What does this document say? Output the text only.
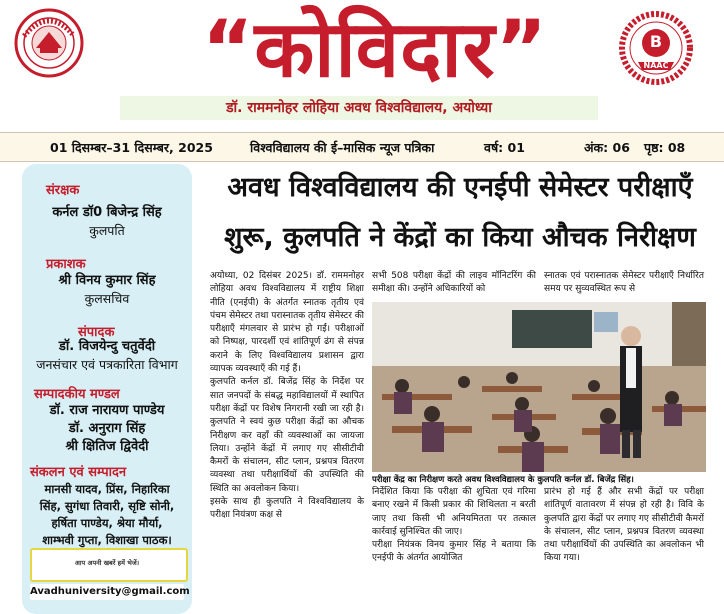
“कोविदार”	B
NAAC
डॉ. राममनोहर लोहिया अवध विश्वविद्यालय, अयोध्या
01 दिसम्बर–31 दिसम्बर, 2025	विश्वविद्यालय की ई–मासिक न्यूज पत्रिका	वर्ष: 01	अंक: 06 पृष्ठ: 08
संरक्षक
कर्नल डॉ0 बिजेन्द्र सिंह
कुलपति
प्रकाशक
श्री विनय कुमार सिंह
कुलसचिव
संपादक
डॉ. विजयेन्दु चतुर्वेदी
जनसंचार एवं पत्रकारिता विभाग
सम्पादकीय मण्डल
डॉ. राज नारायण पाण्डेय
डॉ. अनुराग सिंह
श्री क्षितिज द्विवेदी
संकलन एवं सम्पादन
मानसी यादव, प्रिंस, निहारिका
सिंह, सुगंधा तिवारी, सृष्टि सोनी,
हर्षिता पाण्डेय, श्रेया मौर्या,
शाम्भवी गुप्ता, विशाखा पाठक।
आप अपनी खबरें हमें भेजें।
Avadhuniversity@gmail.com
अवध विश्वविद्यालय की एनईपी सेमेस्टर परीक्षाएँ
शुरू, कुलपति ने केंद्रों का किया औचक निरीक्षण
अयोध्या, 02 दिसंबर 2025। डॉ. राममनोहर लोहिया अवध विश्वविद्यालय में राष्ट्रीय शिक्षा नीति (एनईपी) के अंतर्गत स्नातक तृतीय एवं पंचम सेमेस्टर तथा परास्नातक तृतीय सेमेस्टर की परीक्षाएँ मंगलवार से प्रारंभ हो गईं। परीक्षाओं को निष्पक्ष, पारदर्शी एवं शांतिपूर्ण ढंग से संपन्न कराने के लिए विश्वविद्यालय प्रशासन द्वारा व्यापक व्यवस्थाएँ की गई हैं।
कुलपति कर्नल डॉ. बिजेंद्र सिंह के निर्देश पर सात जनपदों के संबद्ध महाविद्यालयों में स्थापित परीक्षा केंद्रों पर विशेष निगरानी रखी जा रही है। कुलपति ने स्वयं कुछ परीक्षा केंद्रों का औचक निरीक्षण कर वहाँ की व्यवस्थाओं का जायजा लिया। उन्होंने केंद्रों में लगाए गए सीसीटीवी कैमरों के संचालन, सीट प्लान, प्रश्नपत्र वितरण व्यवस्था तथा परीक्षार्थियों की उपस्थिति की स्थिति का अवलोकन किया।
इसके साथ ही कुलपति ने विश्वविद्यालय के परीक्षा नियंत्रण कक्ष से
सभी 508 परीक्षा केंद्रों की लाइव मॉनिटरिंग की समीक्षा की। उन्होंने अधिकारियों को
स्नातक एवं परास्नातक सेमेस्टर परीक्षाएँ निर्धारित समय पर सुव्यवस्थित रूप से
परीक्षा केंद्र का निरीक्षण करते अवध विश्वविद्यालय के कुलपति कर्नल डॉ. बिजेंद्र सिंह।
निर्देशित किया कि परीक्षा की शुचिता एवं गरिमा बनाए रखने में किसी प्रकार की शिथिलता न बरती जाए तथा किसी भी अनियमितता पर तत्काल कार्रवाई सुनिश्चित की जाए।
परीक्षा नियंत्रक विनय कुमार सिंह ने बताया कि एनईपी के अंतर्गत आयोजित
प्रारंभ हो गई हैं और सभी केंद्रों पर परीक्षा शांतिपूर्ण वातावरण में संपन्न हो रही है। विवि के कुलपति द्वारा केंद्रों पर लगाए गए सीसीटीवी कैमरों के संचालन, सीट प्लान, प्रश्नपत्र वितरण व्यवस्था तथा परीक्षार्थियों की उपस्थिति का अवलोकन भी किया गया।
